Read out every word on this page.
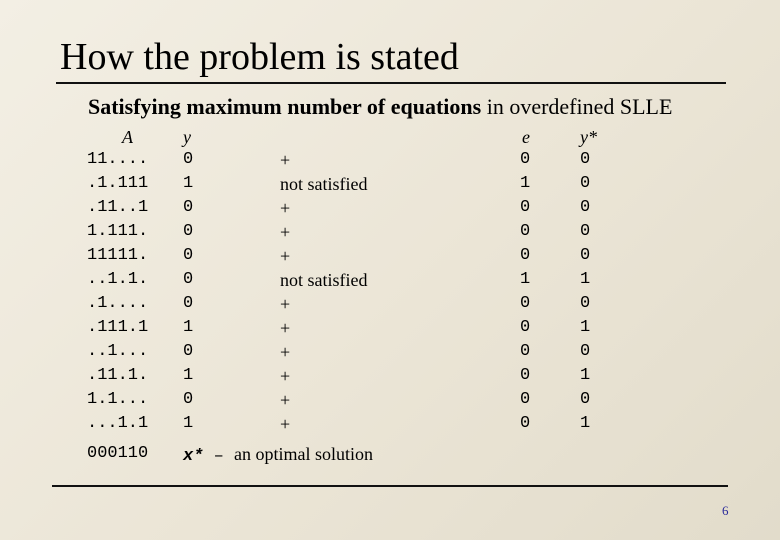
How the problem is stated
Satisfying maximum number of equations in overdefined SLLE
A	y	e	y*
11.... 0	+	0	0
.1.111 1	not satisfied	1	0
.11..1 0	+	0	0
1.111. 0	+	0	0
11111. 0	+	0	0
..1.1. 0	not satisfied	1	1
.1.... 0	+	0	0
.111.1 1	+	0	1
..1... 0	+	0	0
.11.1. 1	+	0	1
1.1... 0	+	0	0
...1.1 1	+	0	1
000110 x* – an optimal solution
6
